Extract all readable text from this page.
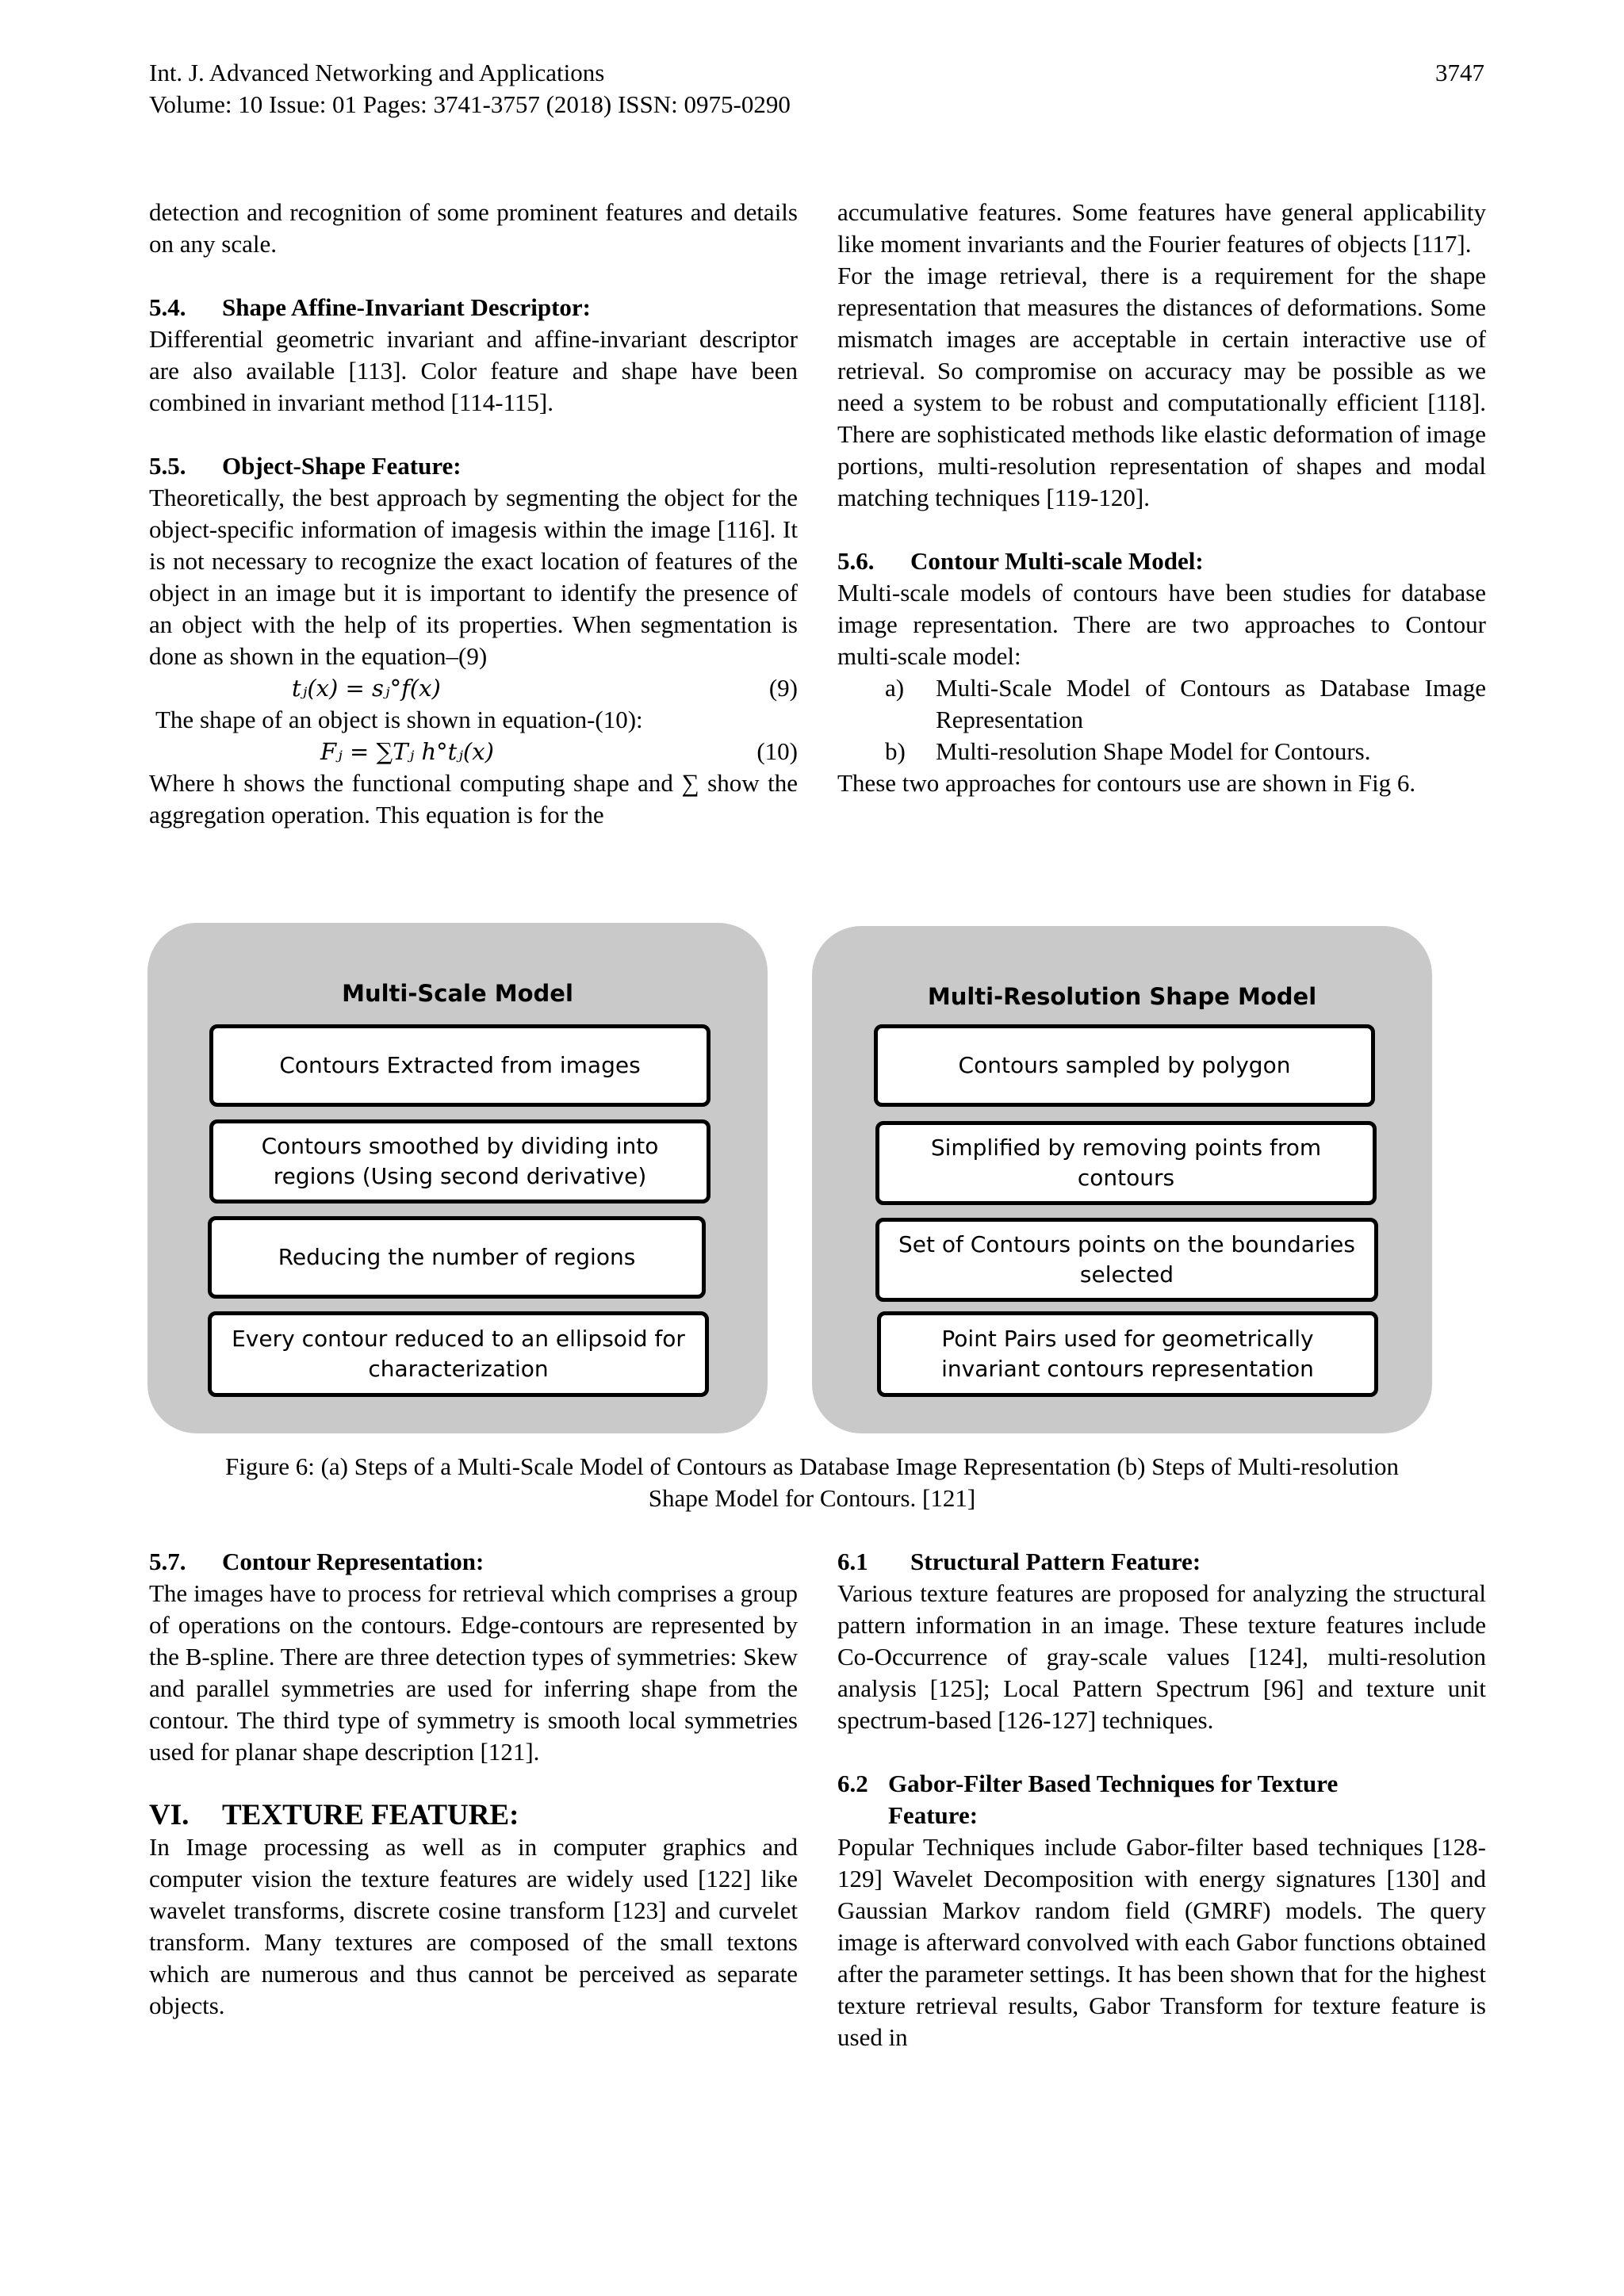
Int. J. Advanced Networking and Applications	3747
Volume: 10 Issue: 01 Pages: 3741-3757 (2018) ISSN: 0975-0290

detection and recognition of some prominent features and details on any scale.

5.4. Shape Affine-Invariant Descriptor:

Differential geometric invariant and affine-invariant descriptor are also available [113]. Color feature and shape have been combined in invariant method [114-115].

5.5. Object-Shape Feature:

Theoretically, the best approach by segmenting the object for the object-specific information of imagesis within the image [116]. It is not necessary to recognize the exact location of features of the object in an image but it is important to identify the presence of an object with the help of its properties. When segmentation is done as shown in the equation–(9)

tⱼ(x) = sⱼ°f(x)	(9)

The shape of an object is shown in equation-(10):

Fⱼ = ∑Tⱼ h°tⱼ(x)	(10)

Where h shows the functional computing shape and ∑ show the aggregation operation. This equation is for the

accumulative features. Some features have general applicability like moment invariants and the Fourier features of objects [117].

For the image retrieval, there is a requirement for the shape representation that measures the distances of deformations. Some mismatch images are acceptable in certain interactive use of retrieval. So compromise on accuracy may be possible as we need a system to be robust and computationally efficient [118]. There are sophisticated methods like elastic deformation of image portions, multi-resolution representation of shapes and modal matching techniques [119-120].

5.6. Contour Multi-scale Model:

Multi-scale models of contours have been studies for database image representation. There are two approaches to Contour multi-scale model:

a) Multi-Scale Model of Contours as Database Image Representation
b) Multi-resolution Shape Model for Contours.

These two approaches for contours use are shown in Fig 6.

Multi-Scale Model
Contours Extracted from images
Contours smoothed by dividing into regions (Using second derivative)
Reducing the number of regions
Every contour reduced to an ellipsoid for characterization
Multi-Resolution Shape Model
Contours sampled by polygon
Simplified by removing points from contours
Set of Contours points on the boundaries selected
Point Pairs used for geometrically invariant contours representation
Figure 6: (a) Steps of a Multi-Scale Model of Contours as Database Image Representation (b) Steps of Multi-resolution
Shape Model for Contours. [121]
5.7. Contour Representation:

The images have to process for retrieval which comprises a group of operations on the contours. Edge-contours are represented by the B-spline. There are three detection types of symmetries: Skew and parallel symmetries are used for inferring shape from the contour. The third type of symmetry is smooth local symmetries used for planar shape description [121].

VI. TEXTURE FEATURE:

In Image processing as well as in computer graphics and computer vision the texture features are widely used [122] like wavelet transforms, discrete cosine transform [123] and curvelet transform. Many textures are composed of the small textons which are numerous and thus cannot be perceived as separate objects.

6.1 Structural Pattern Feature:

Various texture features are proposed for analyzing the structural pattern information in an image. These texture features include Co-Occurrence of gray-scale values [124], multi-resolution analysis [125]; Local Pattern Spectrum [96] and texture unit spectrum-based [126-127] techniques.

6.2 Gabor-Filter Based Techniques for Texture
Feature:

Popular Techniques include Gabor-filter based techniques [128-129] Wavelet Decomposition with energy signatures [130] and Gaussian Markov random field (GMRF) models. The query image is afterward convolved with each Gabor functions obtained after the parameter settings. It has been shown that for the highest texture retrieval results, Gabor Transform for texture feature is used in
